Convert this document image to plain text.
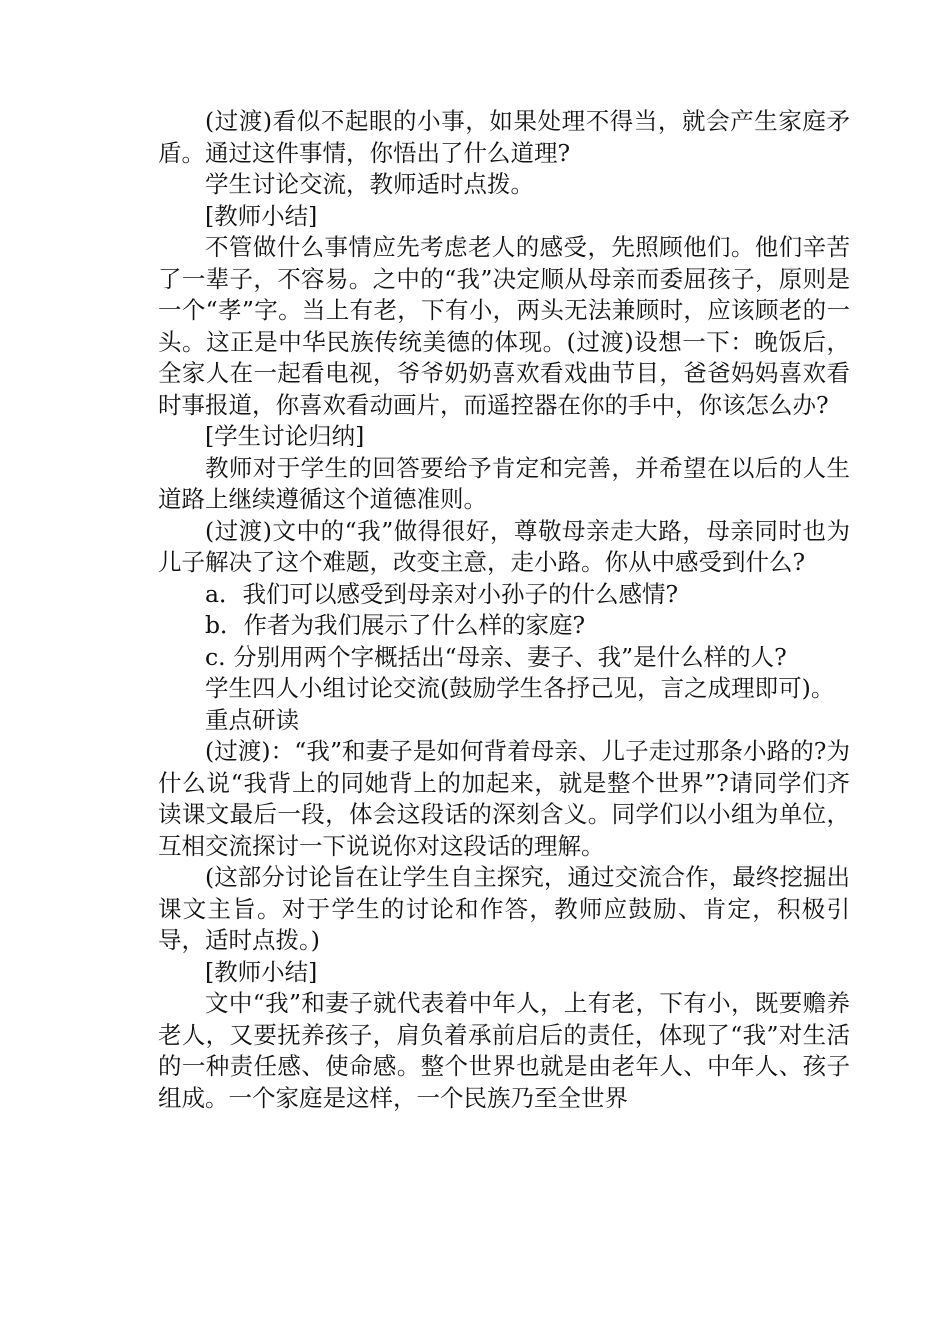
(过渡)看似不起眼的小事，如果处理不得当，就会产生家庭矛盾。通过这件事情，你悟出了什么道理?

学生讨论交流，教师适时点拨。

[教师小结]

不管做什么事情应先考虑老人的感受，先照顾他们。他们辛苦了一辈子，不容易。之中的“我”决定顺从母亲而委屈孩子，原则是一个“孝”字。当上有老，下有小，两头无法兼顾时，应该顾老的一头。这正是中华民族传统美德的体现。(过渡)设想一下：晚饭后，全家人在一起看电视，爷爷奶奶喜欢看戏曲节目，爸爸妈妈喜欢看时事报道，你喜欢看动画片，而遥控器在你的手中，你该怎么办?

[学生讨论归纳]

教师对于学生的回答要给予肯定和完善，并希望在以后的人生道路上继续遵循这个道德准则。

(过渡)文中的“我”做得很好，尊敬母亲走大路，母亲同时也为儿子解决了这个难题，改变主意，走小路。你从中感受到什么?

a．我们可以感受到母亲对小孙子的什么感情?

b．作者为我们展示了什么样的家庭?

c. 分别用两个字概括出“母亲、妻子、我”是什么样的人?

学生四人小组讨论交流(鼓励学生各抒己见，言之成理即可)。

重点研读

(过渡)：“我”和妻子是如何背着母亲、儿子走过那条小路的?为什么说“我背上的同她背上的加起来，就是整个世界”?请同学们齐读课文最后一段，体会这段话的深刻含义。同学们以小组为单位，互相交流探讨一下说说你对这段话的理解。

(这部分讨论旨在让学生自主探究，通过交流合作，最终挖掘出课文主旨。对于学生的讨论和作答，教师应鼓励、肯定，积极引导，适时点拨。)

[教师小结]

文中“我”和妻子就代表着中年人，上有老，下有小，既要赡养老人，又要抚养孩子，肩负着承前启后的责任，体现了“我”对生活的一种责任感、使命感。整个世界也就是由老年人、中年人、孩子组成。一个家庭是这样，一个民族乃至全世界
